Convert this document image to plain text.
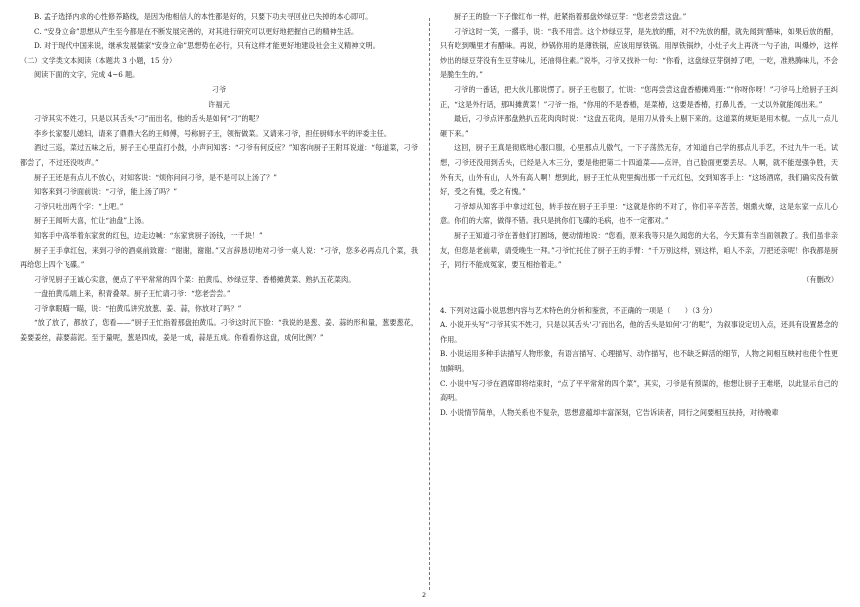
B. 孟子选择内求的心性修养路线，是因为他相信人的本性都是好的，只要下功夫寻回业已失掉的本心即可。

C. “安身立命”思想从产生至今都是在不断发展完善的，对其进行研究可以更好地把握自己的精神生活。

D. 对于现代中国来说，继承发展儒家“安身立命”思想势在必行，只有这样才能更好地建设社会主义精神文明。

（二）文学类文本阅读（本题共 3 小题，15 分）

阅读下面的文字，完成 4~6 题。

刁爷

许福元

刁爷其实不姓刁，只是以其舌头“刁”而出名，他的舌头是如何“刁”的呢？

李乡长家娶儿媳妇，请来了鼎鼎大名的王师傅，号称厨子王，领衔做菜。又请来刁爷，担任厨师水平的评委主任。

酒过三巡，菜过五味之后，厨子王心里直打小鼓，小声问知客：“刁爷有何反应？”知客向厨子王附耳说道：“每道菜，刁爷都尝了，不过还没吱声。”

厨子王还是有点儿不放心，对知客说：“烦你问问刁爷，是不是可以上汤了？”

知客来到刁爷面前说：“刁爷，能上汤了吗？”

刁爷只吐出两个字：“上吧。”

厨子王闻听大喜，忙让“油盘”上汤。

知客手中高举着东家赏的红包，边走边喊：“东家赏厨子汤钱，一千块！”

厨子王手拿红包，来到刁爷的酒桌前致谢：“谢谢，谢谢。”又言辞恳切地对刁爷一桌人说：“刁爷，您多必再点几个菜，我再给您上四个飞碟。”

刁爷见厨子王诚心实意，便点了平平常常的四个菜：拍黄瓜、炒绿豆芽、香椿摊黄菜、熟扒五花菜肉。

一盘拍黄瓜端上来，积青叠翠。厨子王忙请刁爷：“您老尝尝。”

刁爷拿眼瞄一瞄，说：“拍黄瓜讲究放葱、姜、蒜，你放对了吗？”

“放了放了，都放了，您看——”厨子王忙指着那盘拍黄瓜。刁爷这时沉下脸：“我说的是葱、姜、蒜的形和量，葱要葱花，姜要姜丝，蒜要蒜泥。至于量呢，葱是四成，姜是一成，蒜是五成。你看看你这盘，成何比例？”

厨子王的脸一下子像红布一样，赶紧指着那盘炒绿豆芽：“您老尝尝这盘。”

刁爷这时一笑，一撂手，说：“我不用尝。这个炒绿豆芽，是先放的醋，对不?先放的醋，就先闻到‘醋味，如果后放的醋，只有吃到嘴里才有醋味。再说，炒锅你用的是薄铁锅，应该用厚铁锅。用厚铁锅炒，小灶子火上再浇一勺子油，叫爆炒，这样炒出的绿豆芽没有生豆芽味儿，还油得住素。”说毕，刁爷又找补一句：“你看，这盘绿豆芽倒掉了吧，一吃，准熟腾味儿，不会是脆生生的。”

刁爷的一番话，把大伙儿都说愣了。厨子王也服了，忙说：“您再尝尝这盘香椿摊鸡蛋：”“你呀你呀！”刁爷马上给厨子王纠正，“这是外行话，那叫摊黄菜！”刁爷一指，“你用的不是香椿，是菜椿，这要是香椿，打鼻儿香，一丈以外就能闻出来。”

最后，刁爷点评那盘熟扒五花肉肉时说：“这盘五花肉，是用刀从骨头上剔下来的。这道菜的规矩是用木棍。一点儿一点儿砸下来。”

这回，厨子王真是彻底地心服口服，心里那点儿傲气，一下子荡然无存，才知道自己学的那点儿手艺，不过九牛一毛。试想，刁爷还没用到舌头，已经是入木三分，要是他把第二十四道菜——点评，自己脸面更要丢尽。人啊，就不能逞强争胜，天外有天，山外有山，人外有高人啊！想到此，厨子王忙从兜里掏出那一千元红包，交到知客手上：“这场酒席，我们确实没有做好，受之有愧，受之有愧。”

刁爷却从知客手中拿过红包，转手按在厨子王手里：“这就是你的不对了，你们辛辛苦苦，烟熏火燎，这是东家一点儿心意。你们的大席，做得不错。我只是挑你们飞碟的毛病，也不一定都对。”

厨子王知道刁爷在普他们打圆场，便动情地说：“您看，原来我等只是久闻您的大名，今天算有幸当面领教了。我们虽非亲友，但您是老前辈，请受晚生一拜。”刁爷忙托住了厨子王的手臂：“千万别这样，别这样，咱人不亲，刀把还亲呢！你我都是厨子，同行不能成冤家，要互相抬着走。”

（有删改）

4. 下列对这篇小说思想内容与艺术特色的分析和鉴赏，不正确的一项是（　　）（3 分）

A. 小说开头写“刁爷其实不姓刁，只是以其舌头‘刁’而出名，他的舌头是如何‘刁’的呢”，为叙事设定切入点，还具有设置悬念的作用。

B. 小说运用多种手法描写人物形象，有语言描写、心理描写、动作描写，也不缺乏鲜活的细节，人物之间相互映衬也使个性更加鲜明。

C. 小说中写刁爷在酒席即将结束时，“点了平平常常的四个菜”，其实，刁爷是有预谋的，他想让厨子王难堪，以此显示自己的高明。

D. 小说情节简单，人物关系也不复杂，思想意蕴却丰富深刻，它告诉读者，同行之间要相互扶持，对待晚辈

2
